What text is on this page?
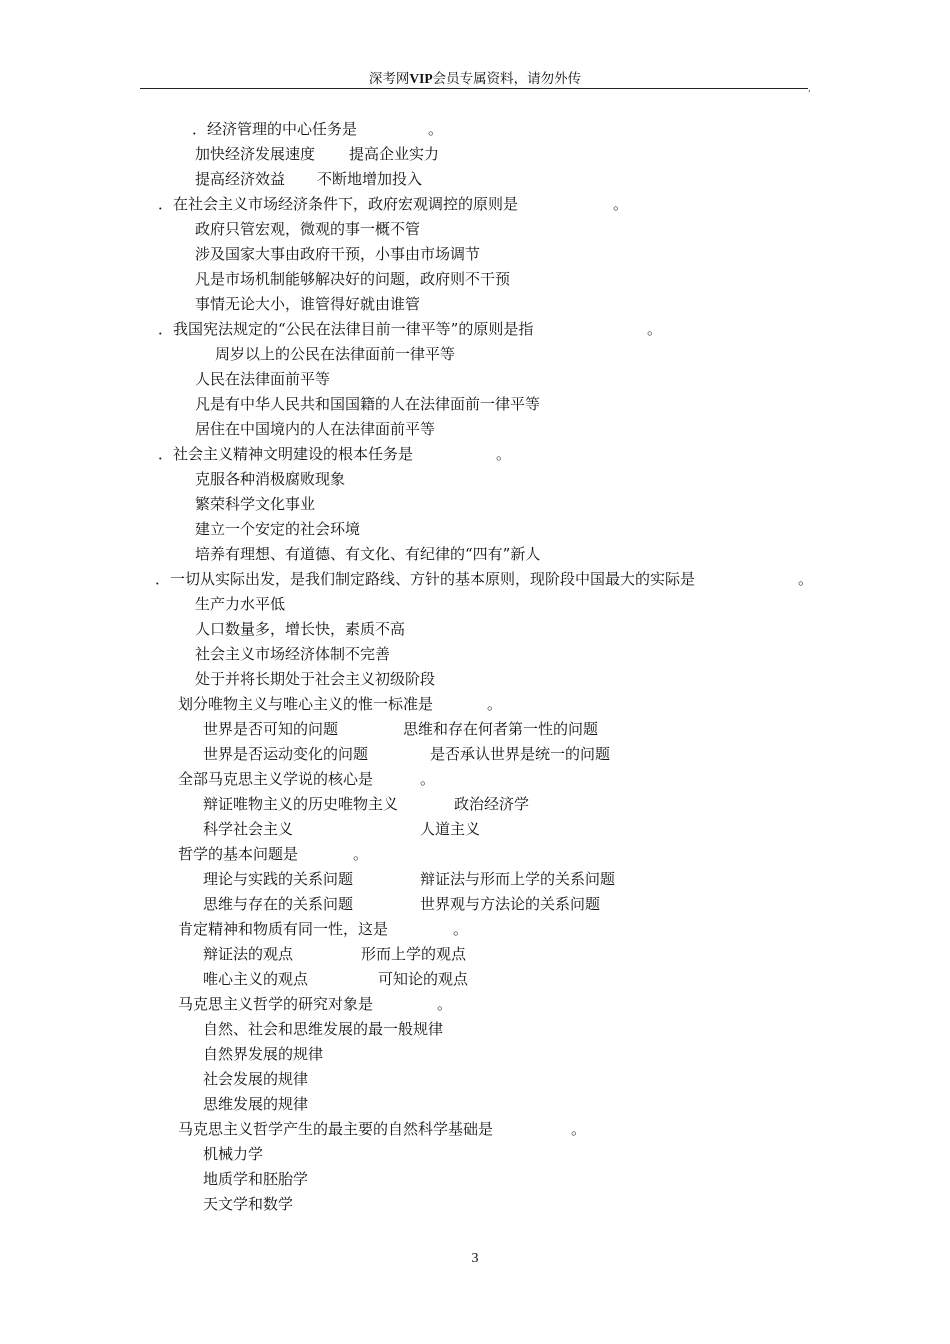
深考网VIP会员专属资料，请勿外传
,
．经济管理的中心任务是	。
加快经济发展速度 提高企业实力
提高经济效益 不断地增加投入
．在社会主义市场经济条件下，政府宏观调控的原则是	。
政府只管宏观，微观的事一概不管
涉及国家大事由政府干预，小事由市场调节
凡是市场机制能够解决好的问题，政府则不干预
事情无论大小，谁管得好就由谁管
．我国宪法规定的“公民在法律目前一律平等”的原则是指	。
周岁以上的公民在法律面前一律平等
人民在法律面前平等
凡是有中华人民共和国国籍的人在法律面前一律平等
居住在中国境内的人在法律面前平等
．社会主义精神文明建设的根本任务是	。
克服各种消极腐败现象
繁荣科学文化事业
建立一个安定的社会环境
培养有理想、有道德、有文化、有纪律的“四有”新人
．一切从实际出发，是我们制定路线、方针的基本原则，现阶段中国最大的实际是	。
生产力水平低
人口数量多，增长快，素质不高
社会主义市场经济体制不完善
处于并将长期处于社会主义初级阶段
划分唯物主义与唯心主义的惟一标准是	。
世界是否可知的问题	思维和存在何者第一性的问题
世界是否运动变化的问题	是否承认世界是统一的问题
全部马克思主义学说的核心是	。
辩证唯物主义的历史唯物主义	政治经济学
科学社会主义	人道主义
哲学的基本问题是	。
理论与实践的关系问题	辩证法与形而上学的关系问题
思维与存在的关系问题	世界观与方法论的关系问题
肯定精神和物质有同一性，这是	。
辩证法的观点	形而上学的观点
唯心主义的观点	可知论的观点
马克思主义哲学的研究对象是	。
自然、社会和思维发展的最一般规律
自然界发展的规律
社会发展的规律
思维发展的规律
马克思主义哲学产生的最主要的自然科学基础是	。
机械力学
地质学和胚胎学
天文学和数学
3
